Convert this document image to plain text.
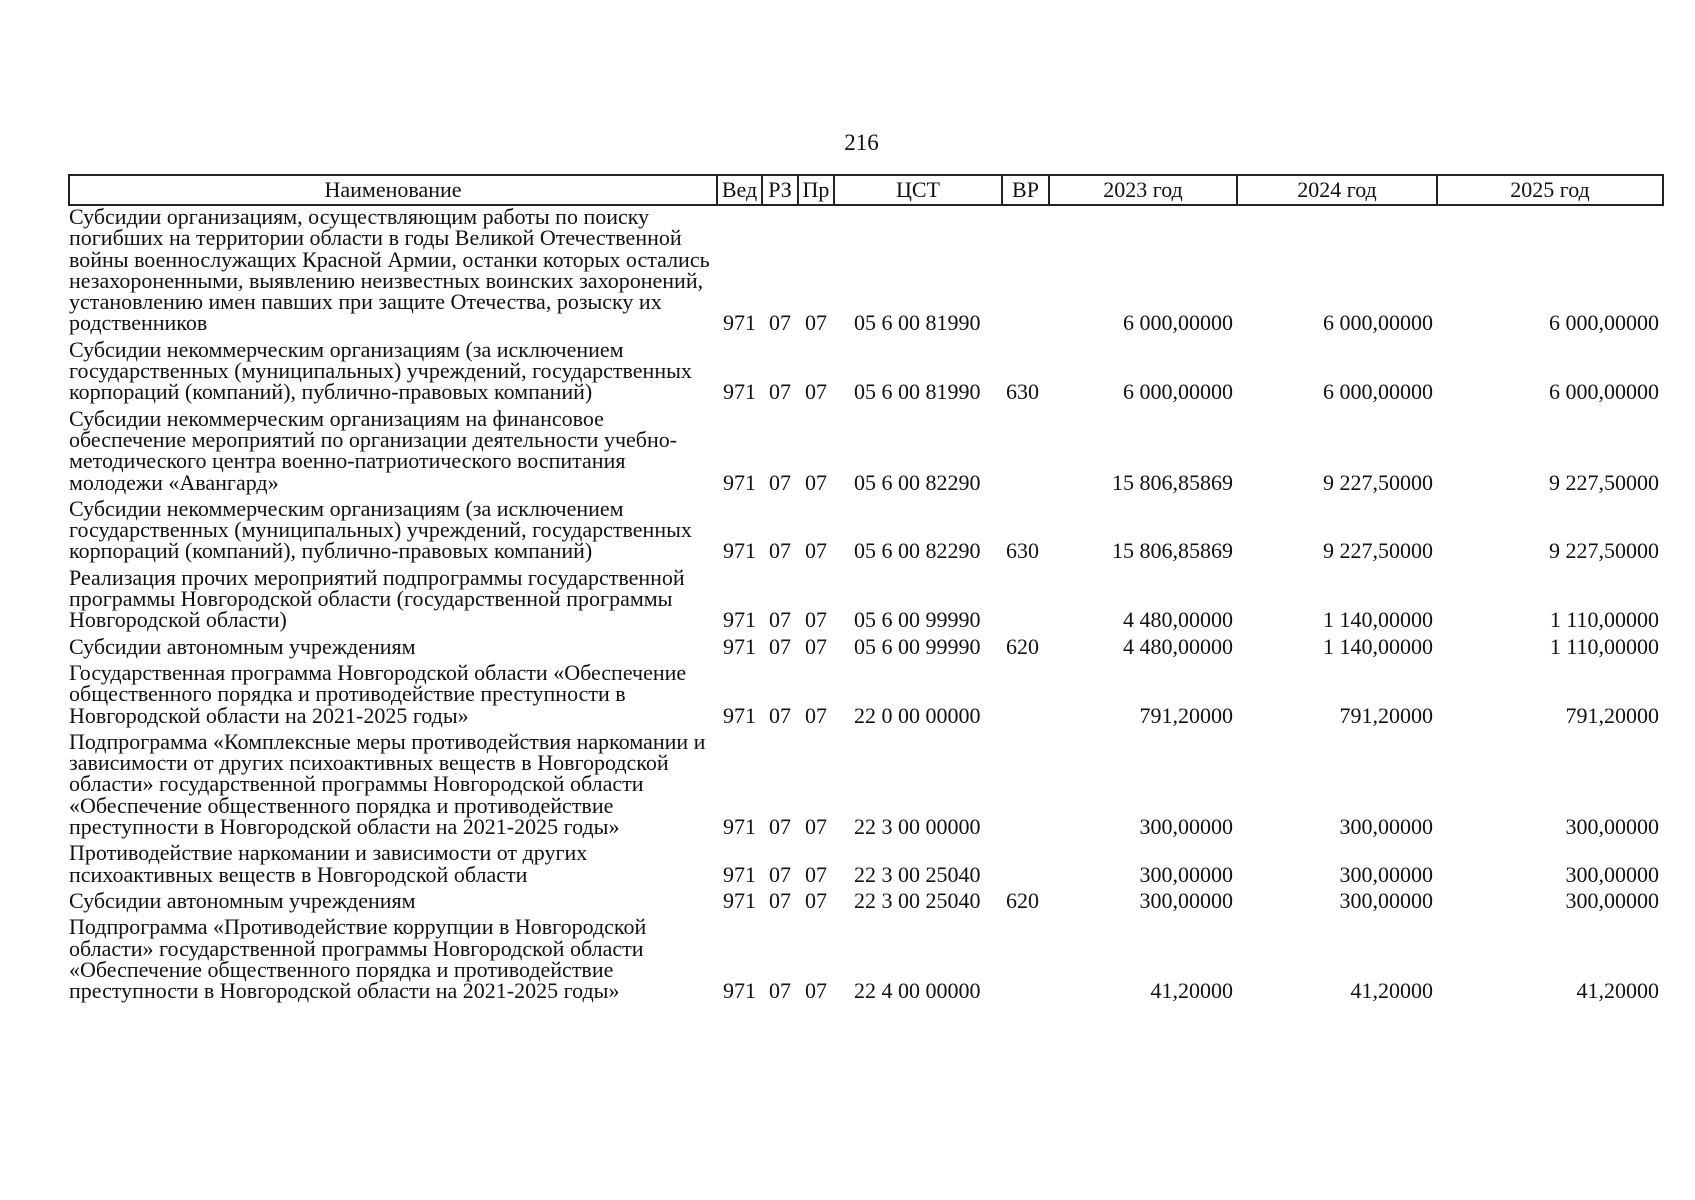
216
Наименование	Вед	РЗ	Пр	ЦСТ	ВР	2023 год	2024 год	2025 год
Субсидии организациям, осуществляющим работы по поиску погибших на территории области в годы Великой Отечественной войны военнослужащих Красной Армии, останки которых остались незахороненными, выявлению неизвестных воинских захоронений, установлению имен павших при защите Отечества, розыску их родственников	971	07	07	05 6 00 81990		6 000,00000	6 000,00000	6 000,00000
Субсидии некоммерческим организациям (за исключением государственных (муниципальных) учреждений, государственных корпораций (компаний), публично-правовых компаний)	971	07	07	05 6 00 81990	630	6 000,00000	6 000,00000	6 000,00000
Субсидии некоммерческим организациям на финансовое обеспечение мероприятий по организации деятельности учебно-методического центра военно-патриотического воспитания молодежи «Авангард»	971	07	07	05 6 00 82290		15 806,85869	9 227,50000	9 227,50000
Субсидии некоммерческим организациям (за исключением государственных (муниципальных) учреждений, государственных корпораций (компаний), публично-правовых компаний)	971	07	07	05 6 00 82290	630	15 806,85869	9 227,50000	9 227,50000
Реализация прочих мероприятий подпрограммы государственной программы Новгородской области (государственной программы Новгородской области)	971	07	07	05 6 00 99990		4 480,00000	1 140,00000	1 110,00000
Субсидии автономным учреждениям	971	07	07	05 6 00 99990	620	4 480,00000	1 140,00000	1 110,00000
Государственная программа Новгородской области «Обеспечение общественного порядка и противодействие преступности в Новгородской области на 2021-2025 годы»	971	07	07	22 0 00 00000		791,20000	791,20000	791,20000
Подпрограмма «Комплексные меры противодействия наркомании и зависимости от других психоактивных веществ в Новгородской области» государственной программы Новгородской области «Обеспечение общественного порядка и противодействие преступности в Новгородской области на 2021-2025 годы»	971	07	07	22 3 00 00000		300,00000	300,00000	300,00000
Противодействие наркомании и зависимости от других психоактивных веществ в Новгородской области	971	07	07	22 3 00 25040		300,00000	300,00000	300,00000
Субсидии автономным учреждениям	971	07	07	22 3 00 25040	620	300,00000	300,00000	300,00000
Подпрограмма «Противодействие коррупции в Новгородской области» государственной программы Новгородской области «Обеспечение общественного порядка и противодействие преступности в Новгородской области на 2021-2025 годы»	971	07	07	22 4 00 00000		41,20000	41,20000	41,20000
